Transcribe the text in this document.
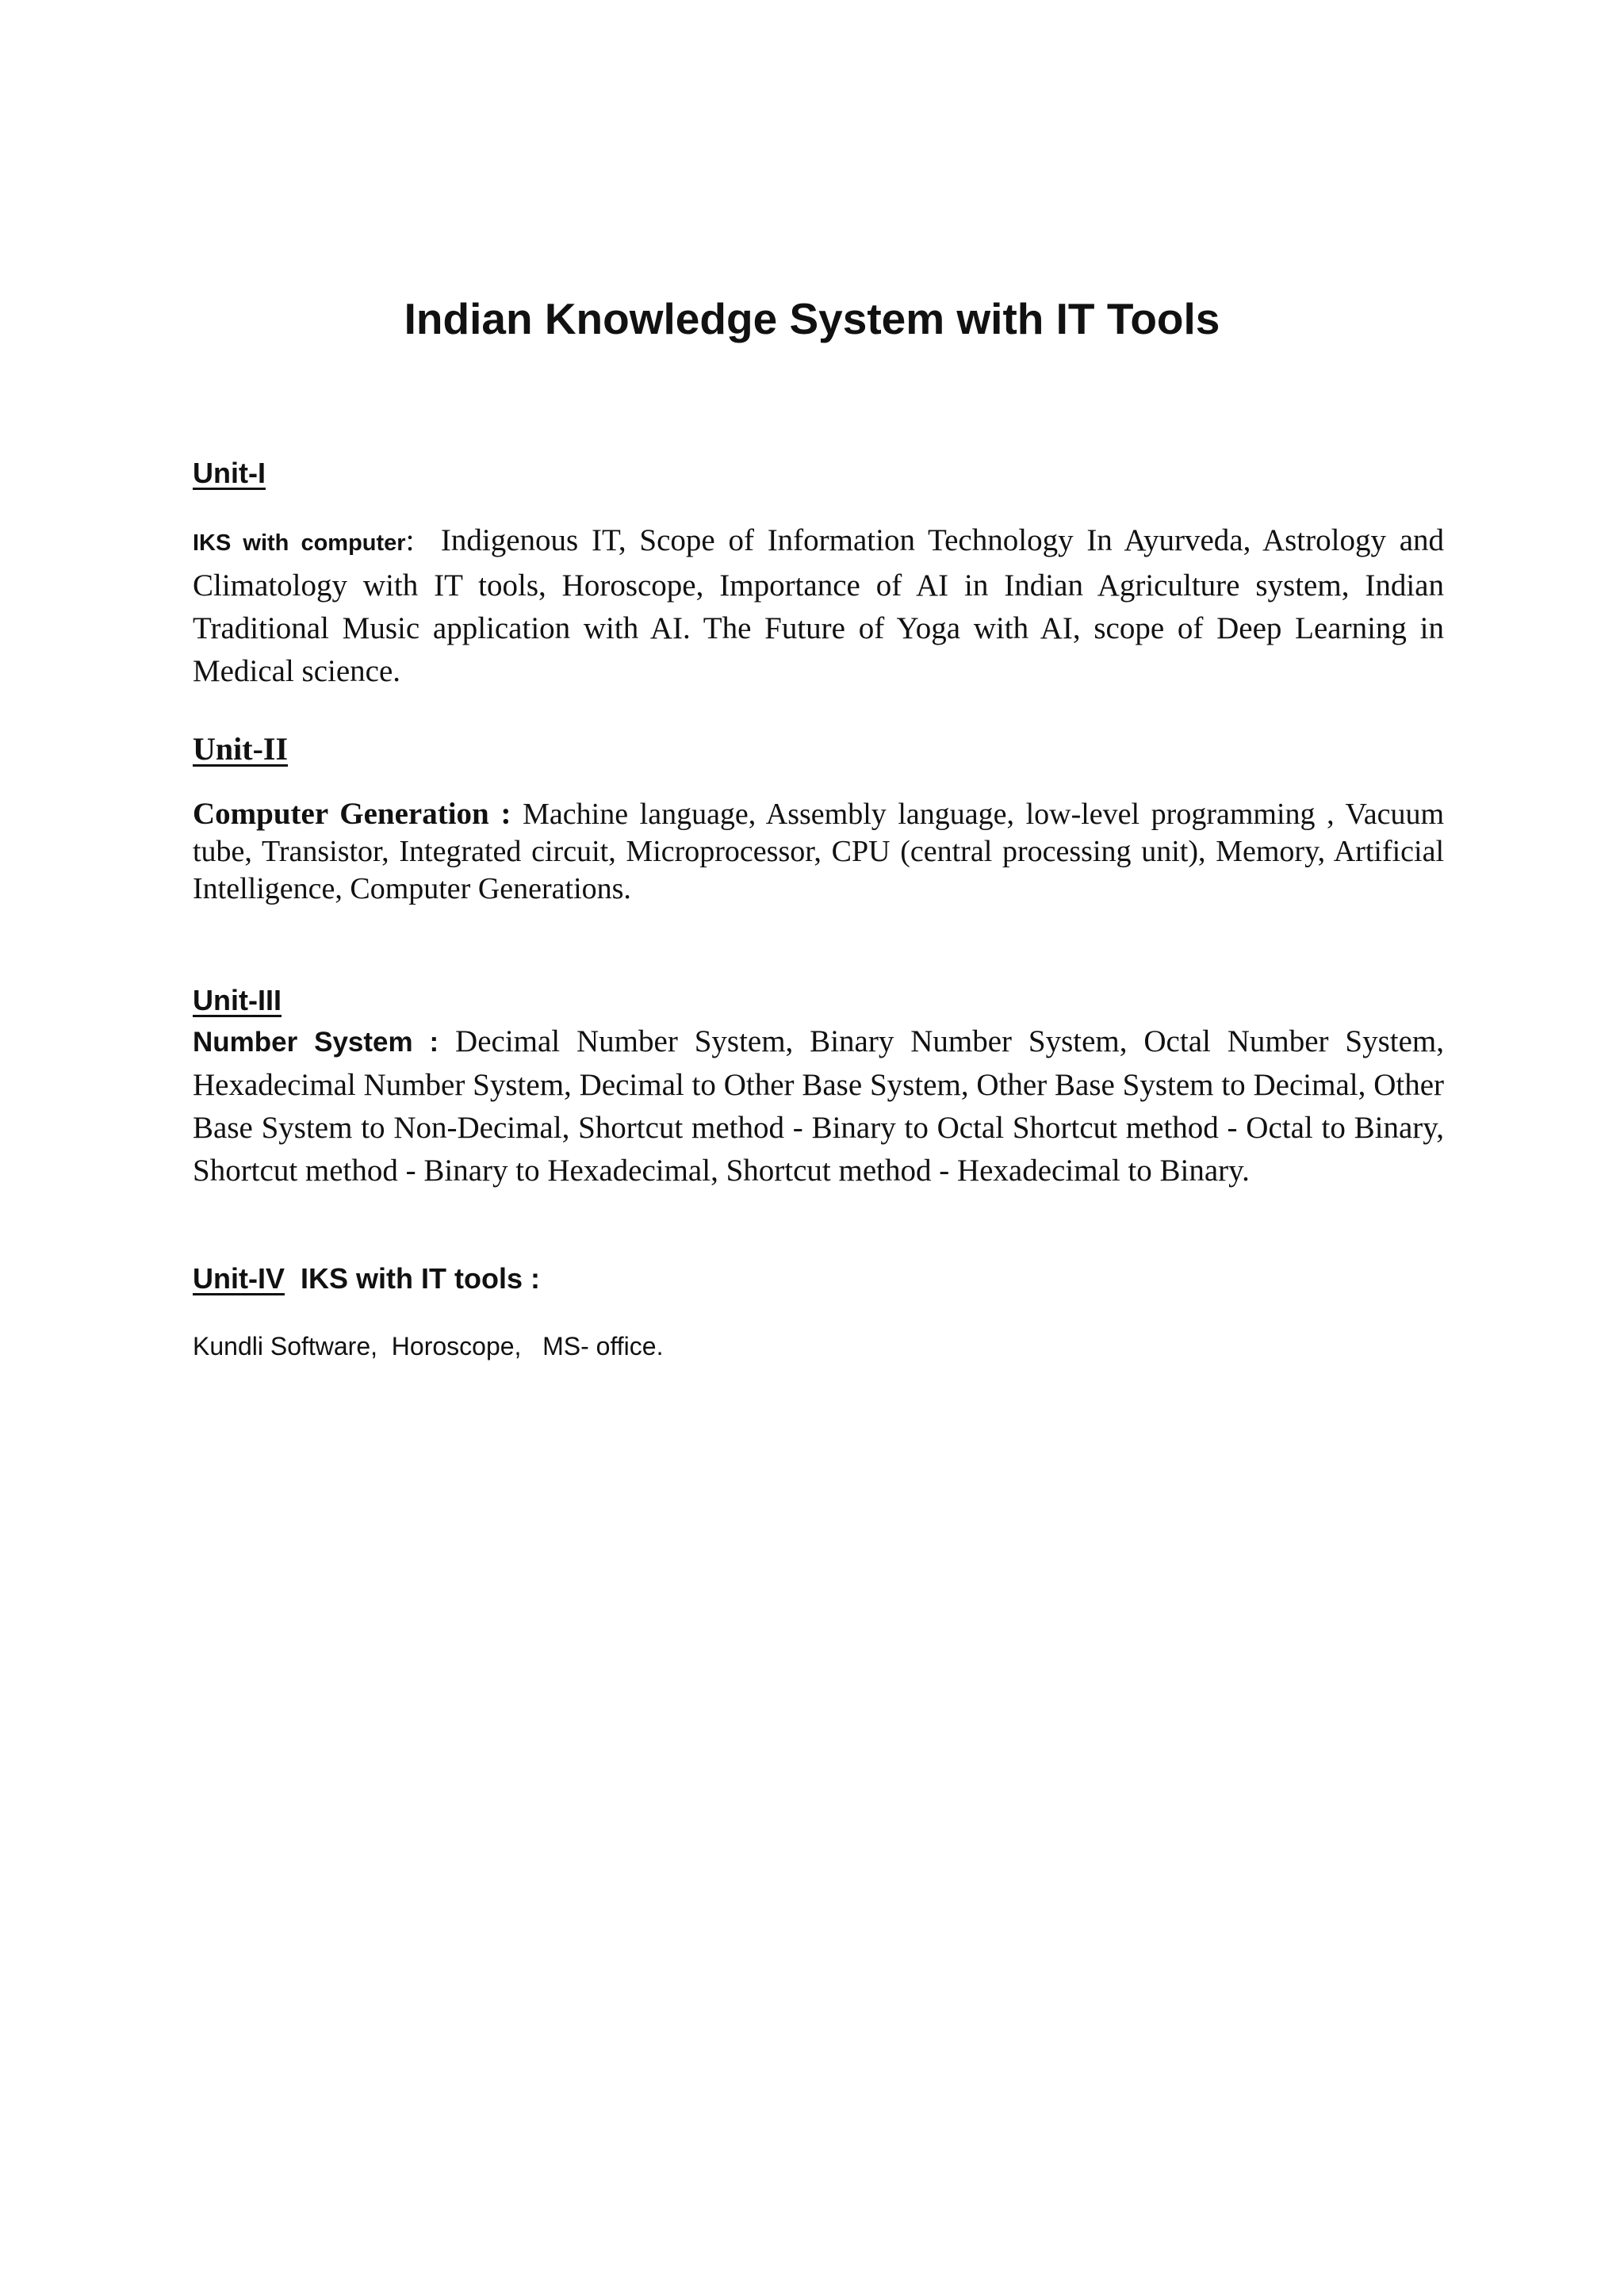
Indian Knowledge System with IT Tools
Unit-I

IKS with computer:  Indigenous IT, Scope of Information Technology In Ayurveda, Astrology and Climatology with IT tools, Horoscope, Importance of AI in Indian Agriculture system, Indian Traditional Music application with AI. The Future of Yoga with AI, scope of Deep Learning in Medical science.

Unit-II

Computer Generation : Machine language, Assembly language, low-level programming , Vacuum tube, Transistor, Integrated circuit, Microprocessor, CPU (central processing unit), Memory, Artificial Intelligence, Computer Generations.

Unit-III

Number System : Decimal Number System, Binary Number System, Octal Number System, Hexadecimal Number System, Decimal to Other Base System, Other Base System to Decimal, Other Base System to Non-Decimal, Shortcut method - Binary to Octal Shortcut method - Octal to Binary, Shortcut method - Binary to Hexadecimal, Shortcut method - Hexadecimal to Binary.

Unit-IV  IKS with IT tools :
Kundli Software,  Horoscope,   MS- office.
